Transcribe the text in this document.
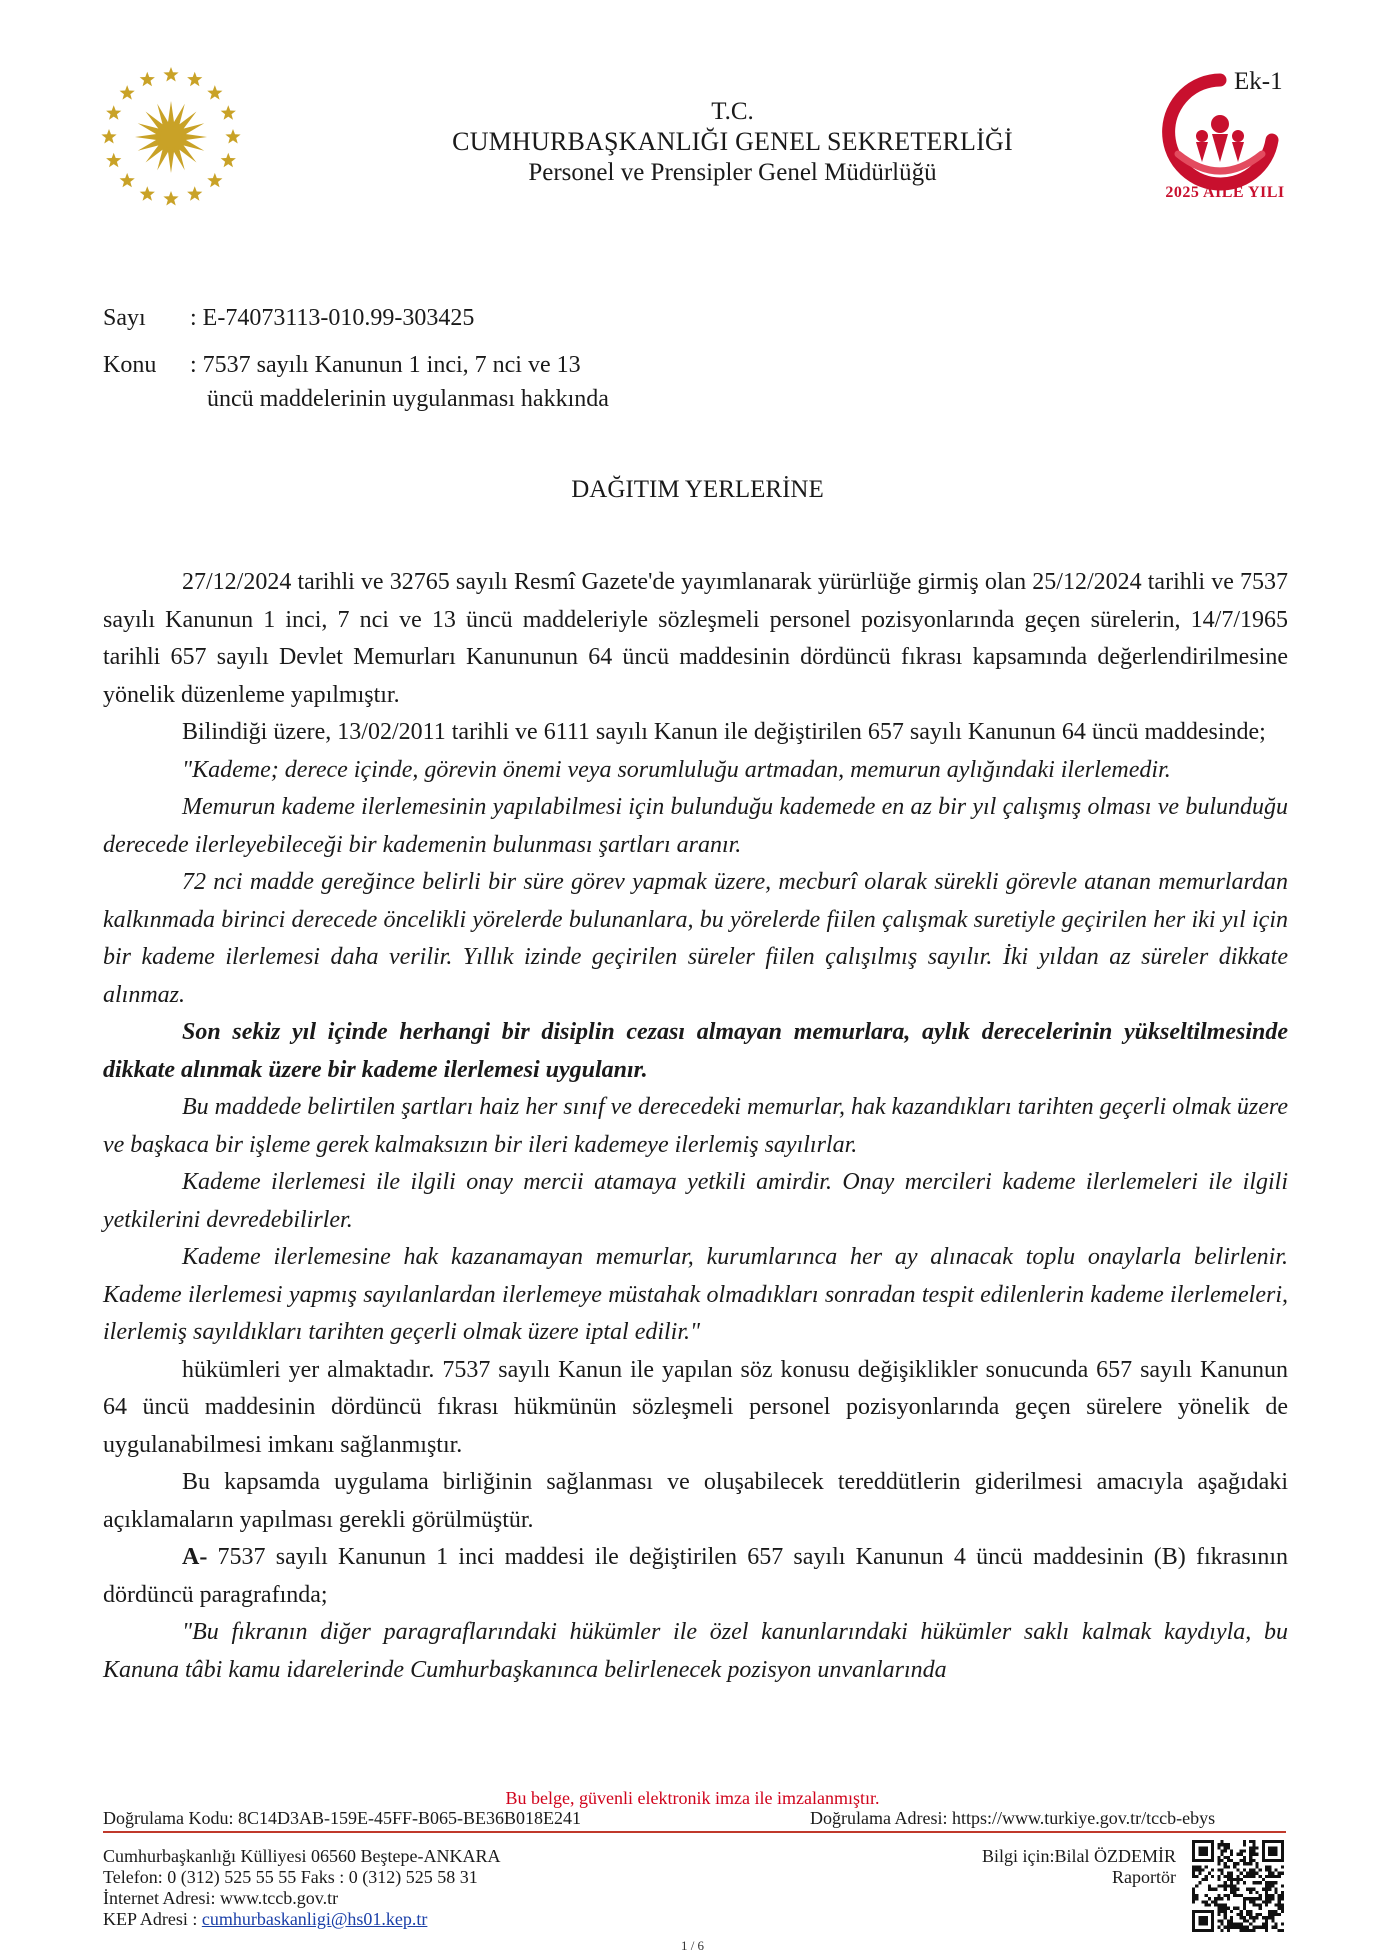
T.C.
CUMHURBAŞKANLIĞI GENEL SEKRETERLİĞİ
Personel ve Prensipler Genel Müdürlüğü
Ek-1
2025 AİLE YILI
Sayı : E-74073113-010.99-303425
Konu : 7537 sayılı Kanunun 1 inci, 7 nci ve 13
üncü maddelerinin uygulanması hakkında
DAĞITIM YERLERİNE

27/12/2024 tarihli ve 32765 sayılı Resmî Gazete'de yayımlanarak yürürlüğe girmiş olan 25/12/2024 tarihli ve 7537 sayılı Kanunun 1 inci, 7 nci ve 13 üncü maddeleriyle sözleşmeli personel pozisyonlarında geçen sürelerin, 14/7/1965 tarihli 657 sayılı Devlet Memurları Kanununun 64 üncü maddesinin dördüncü fıkrası kapsamında değerlendirilmesine yönelik düzenleme yapılmıştır.

Bilindiği üzere, 13/02/2011 tarihli ve 6111 sayılı Kanun ile değiştirilen 657 sayılı Kanunun 64 üncü maddesinde;

"Kademe; derece içinde, görevin önemi veya sorumluluğu artmadan, memurun aylığındaki ilerlemedir.

Memurun kademe ilerlemesinin yapılabilmesi için bulunduğu kademede en az bir yıl çalışmış olması ve bulunduğu derecede ilerleyebileceği bir kademenin bulunması şartları aranır.

72 nci madde gereğince belirli bir süre görev yapmak üzere, mecburî olarak sürekli görevle atanan memurlardan kalkınmada birinci derecede öncelikli yörelerde bulunanlara, bu yörelerde fiilen çalışmak suretiyle geçirilen her iki yıl için bir kademe ilerlemesi daha verilir. Yıllık izinde geçirilen süreler fiilen çalışılmış sayılır. İki yıldan az süreler dikkate alınmaz.

Son sekiz yıl içinde herhangi bir disiplin cezası almayan memurlara, aylık derecelerinin yükseltilmesinde dikkate alınmak üzere bir kademe ilerlemesi uygulanır.

Bu maddede belirtilen şartları haiz her sınıf ve derecedeki memurlar, hak kazandıkları tarihten geçerli olmak üzere ve başkaca bir işleme gerek kalmaksızın bir ileri kademeye ilerlemiş sayılırlar.

Kademe ilerlemesi ile ilgili onay mercii atamaya yetkili amirdir. Onay mercileri kademe ilerlemeleri ile ilgili yetkilerini devredebilirler.

Kademe ilerlemesine hak kazanamayan memurlar, kurumlarınca her ay alınacak toplu onaylarla belirlenir. Kademe ilerlemesi yapmış sayılanlardan ilerlemeye müstahak olmadıkları sonradan tespit edilenlerin kademe ilerlemeleri, ilerlemiş sayıldıkları tarihten geçerli olmak üzere iptal edilir."

hükümleri yer almaktadır. 7537 sayılı Kanun ile yapılan söz konusu değişiklikler sonucunda 657 sayılı Kanunun 64 üncü maddesinin dördüncü fıkrası hükmünün sözleşmeli personel pozisyonlarında geçen sürelere yönelik de uygulanabilmesi imkanı sağlanmıştır.

Bu kapsamda uygulama birliğinin sağlanması ve oluşabilecek tereddütlerin giderilmesi amacıyla aşağıdaki açıklamaların yapılması gerekli görülmüştür.

A- 7537 sayılı Kanunun 1 inci maddesi ile değiştirilen 657 sayılı Kanunun 4 üncü maddesinin (B) fıkrasının dördüncü paragrafında;

"Bu fıkranın diğer paragraflarındaki hükümler ile özel kanunlarındaki hükümler saklı kalmak kaydıyla, bu Kanuna tâbi kamu idarelerinde Cumhurbaşkanınca belirlenecek pozisyon unvanlarında

Bu belge, güvenli elektronik imza ile imzalanmıştır.
Doğrulama Kodu: 8C14D3AB-159E-45FF-B065-BE36B018E241	Doğrulama Adresi: https://www.turkiye.gov.tr/tccb-ebys
Cumhurbaşkanlığı Külliyesi 06560 Beştepe-ANKARA
Telefon: 0 (312) 525 55 55 Faks : 0 (312) 525 58 31
İnternet Adresi: www.tccb.gov.tr
KEP Adresi : cumhurbaskanligi@hs01.kep.tr
Bilgi için:Bilal ÖZDEMİR
Raportör
1 / 6
